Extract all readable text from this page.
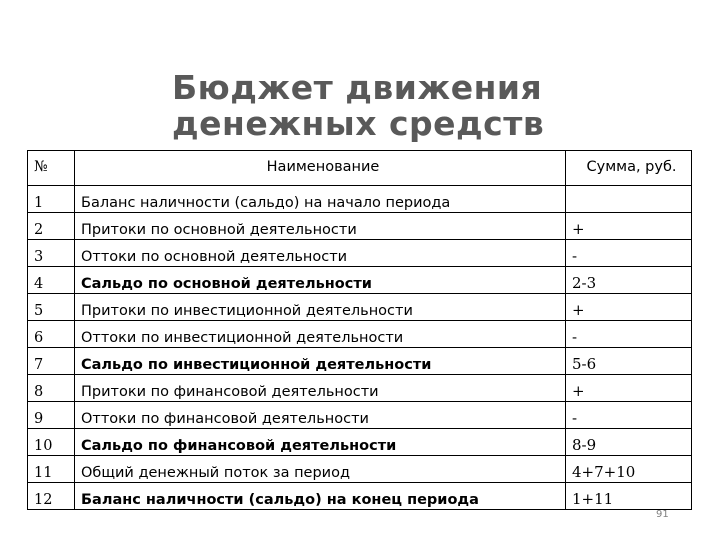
Бюджет движения
денежных средств
№	Наименование	Сумма, руб.
1	Баланс наличности (сальдо) на начало периода	
2	Притоки по основной деятельности	+
3	Оттоки по основной деятельности	-
4	Сальдо по основной деятельности	2-3
5	Притоки по инвестиционной деятельности	+
6	Оттоки по инвестиционной деятельности	-
7	Сальдо по инвестиционной деятельности	5-6
8	Притоки по финансовой деятельности	+
9	Оттоки по финансовой деятельности	-
10	Сальдо по финансовой деятельности	8-9
11	Общий денежный поток за период	4+7+10
12	Баланс наличности (сальдо) на конец периода	1+11
91
